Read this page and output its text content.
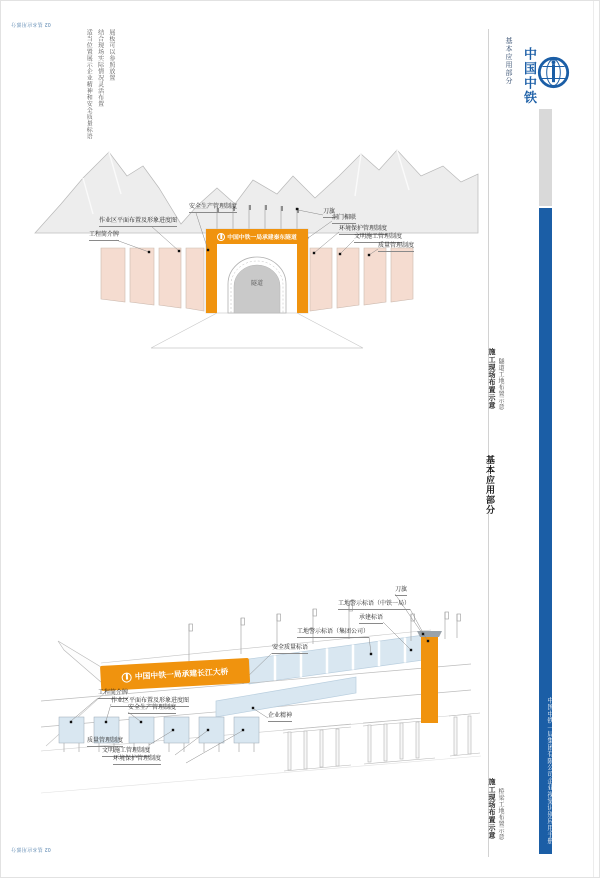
02 基本应用部分
02 基本应用部分
适当位置展示企业精神和安全质量标语 结合现场实际情况灵活布置 展板可以参照放置	基本应用部分 中国中铁
中国中铁一局集团有限公司企业视觉识别应用手册
施工现场布置示意 隧道工地布置示意
基本应用部分
施工现场布置示意 桥梁工地布置示意
中国中铁一局承建秦东隧道
隧道
工程简介牌
作业区平面布置及形象进度图
安全生产管理制度
刀旗
洞门楣联
环境保护管理制度
文明施工管理制度
质量管理制度
中国中铁一局承建长江大桥
刀旗
工地警示标语（中铁一局）
承建标语
工地警示标语（集团公司）
安全质量标语
企业精神
工程简介牌
作业区平面布置及形象进度图
安全生产管理制度
质量管理制度
文明施工管理制度
环境保护管理制度
